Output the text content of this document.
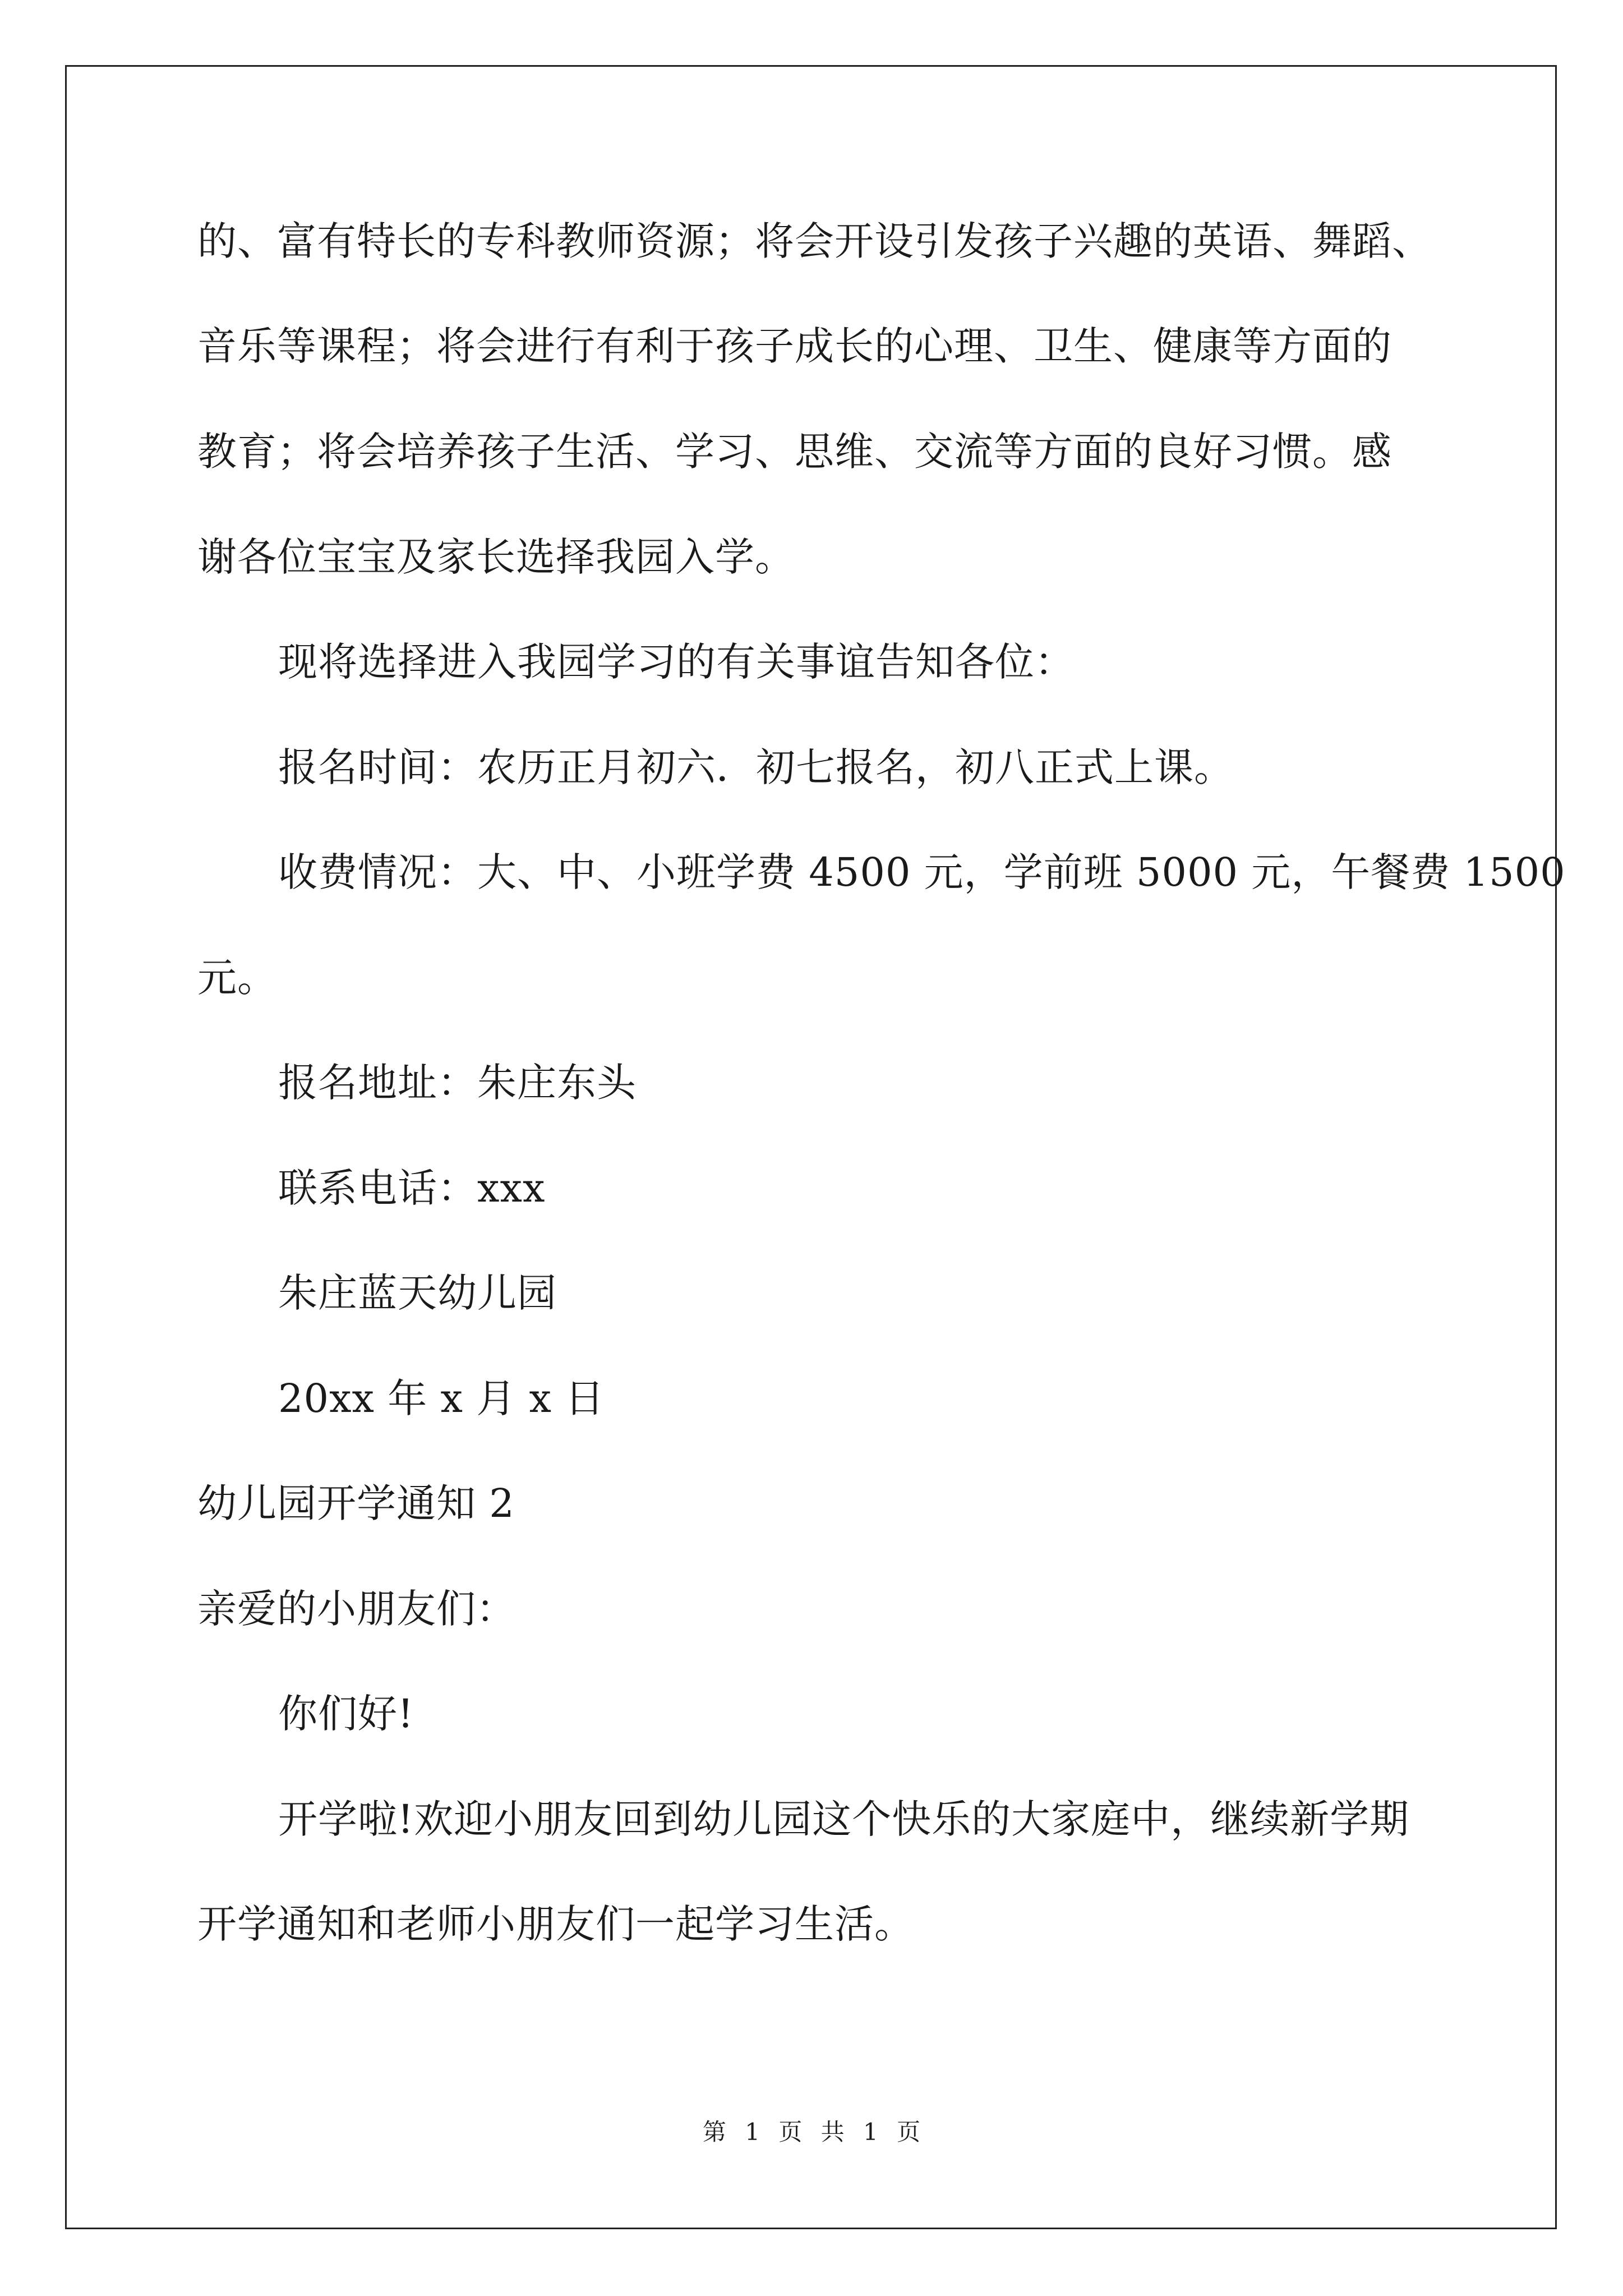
的、富有特长的专科教师资源；将会开设引发孩子兴趣的英语、舞蹈、
音乐等课程；将会进行有利于孩子成长的心理、卫生、健康等方面的
教育；将会培养孩子生活、学习、思维、交流等方面的良好习惯。感
谢各位宝宝及家长选择我园入学。
现将选择进入我园学习的有关事谊告知各位：
报名时间：农历正月初六．初七报名，初八正式上课。
收费情况：大、中、小班学费 4500 元，学前班 5000 元，午餐费 1500
元。
报名地址：朱庄东头
联系电话：xxx
朱庄蓝天幼儿园
20xx 年 x 月 x 日
幼儿园开学通知 2
亲爱的小朋友们：
你们好!
开学啦!欢迎小朋友回到幼儿园这个快乐的大家庭中，继续新学期
开学通知和老师小朋友们一起学习生活。
第 1 页 共 1 页
